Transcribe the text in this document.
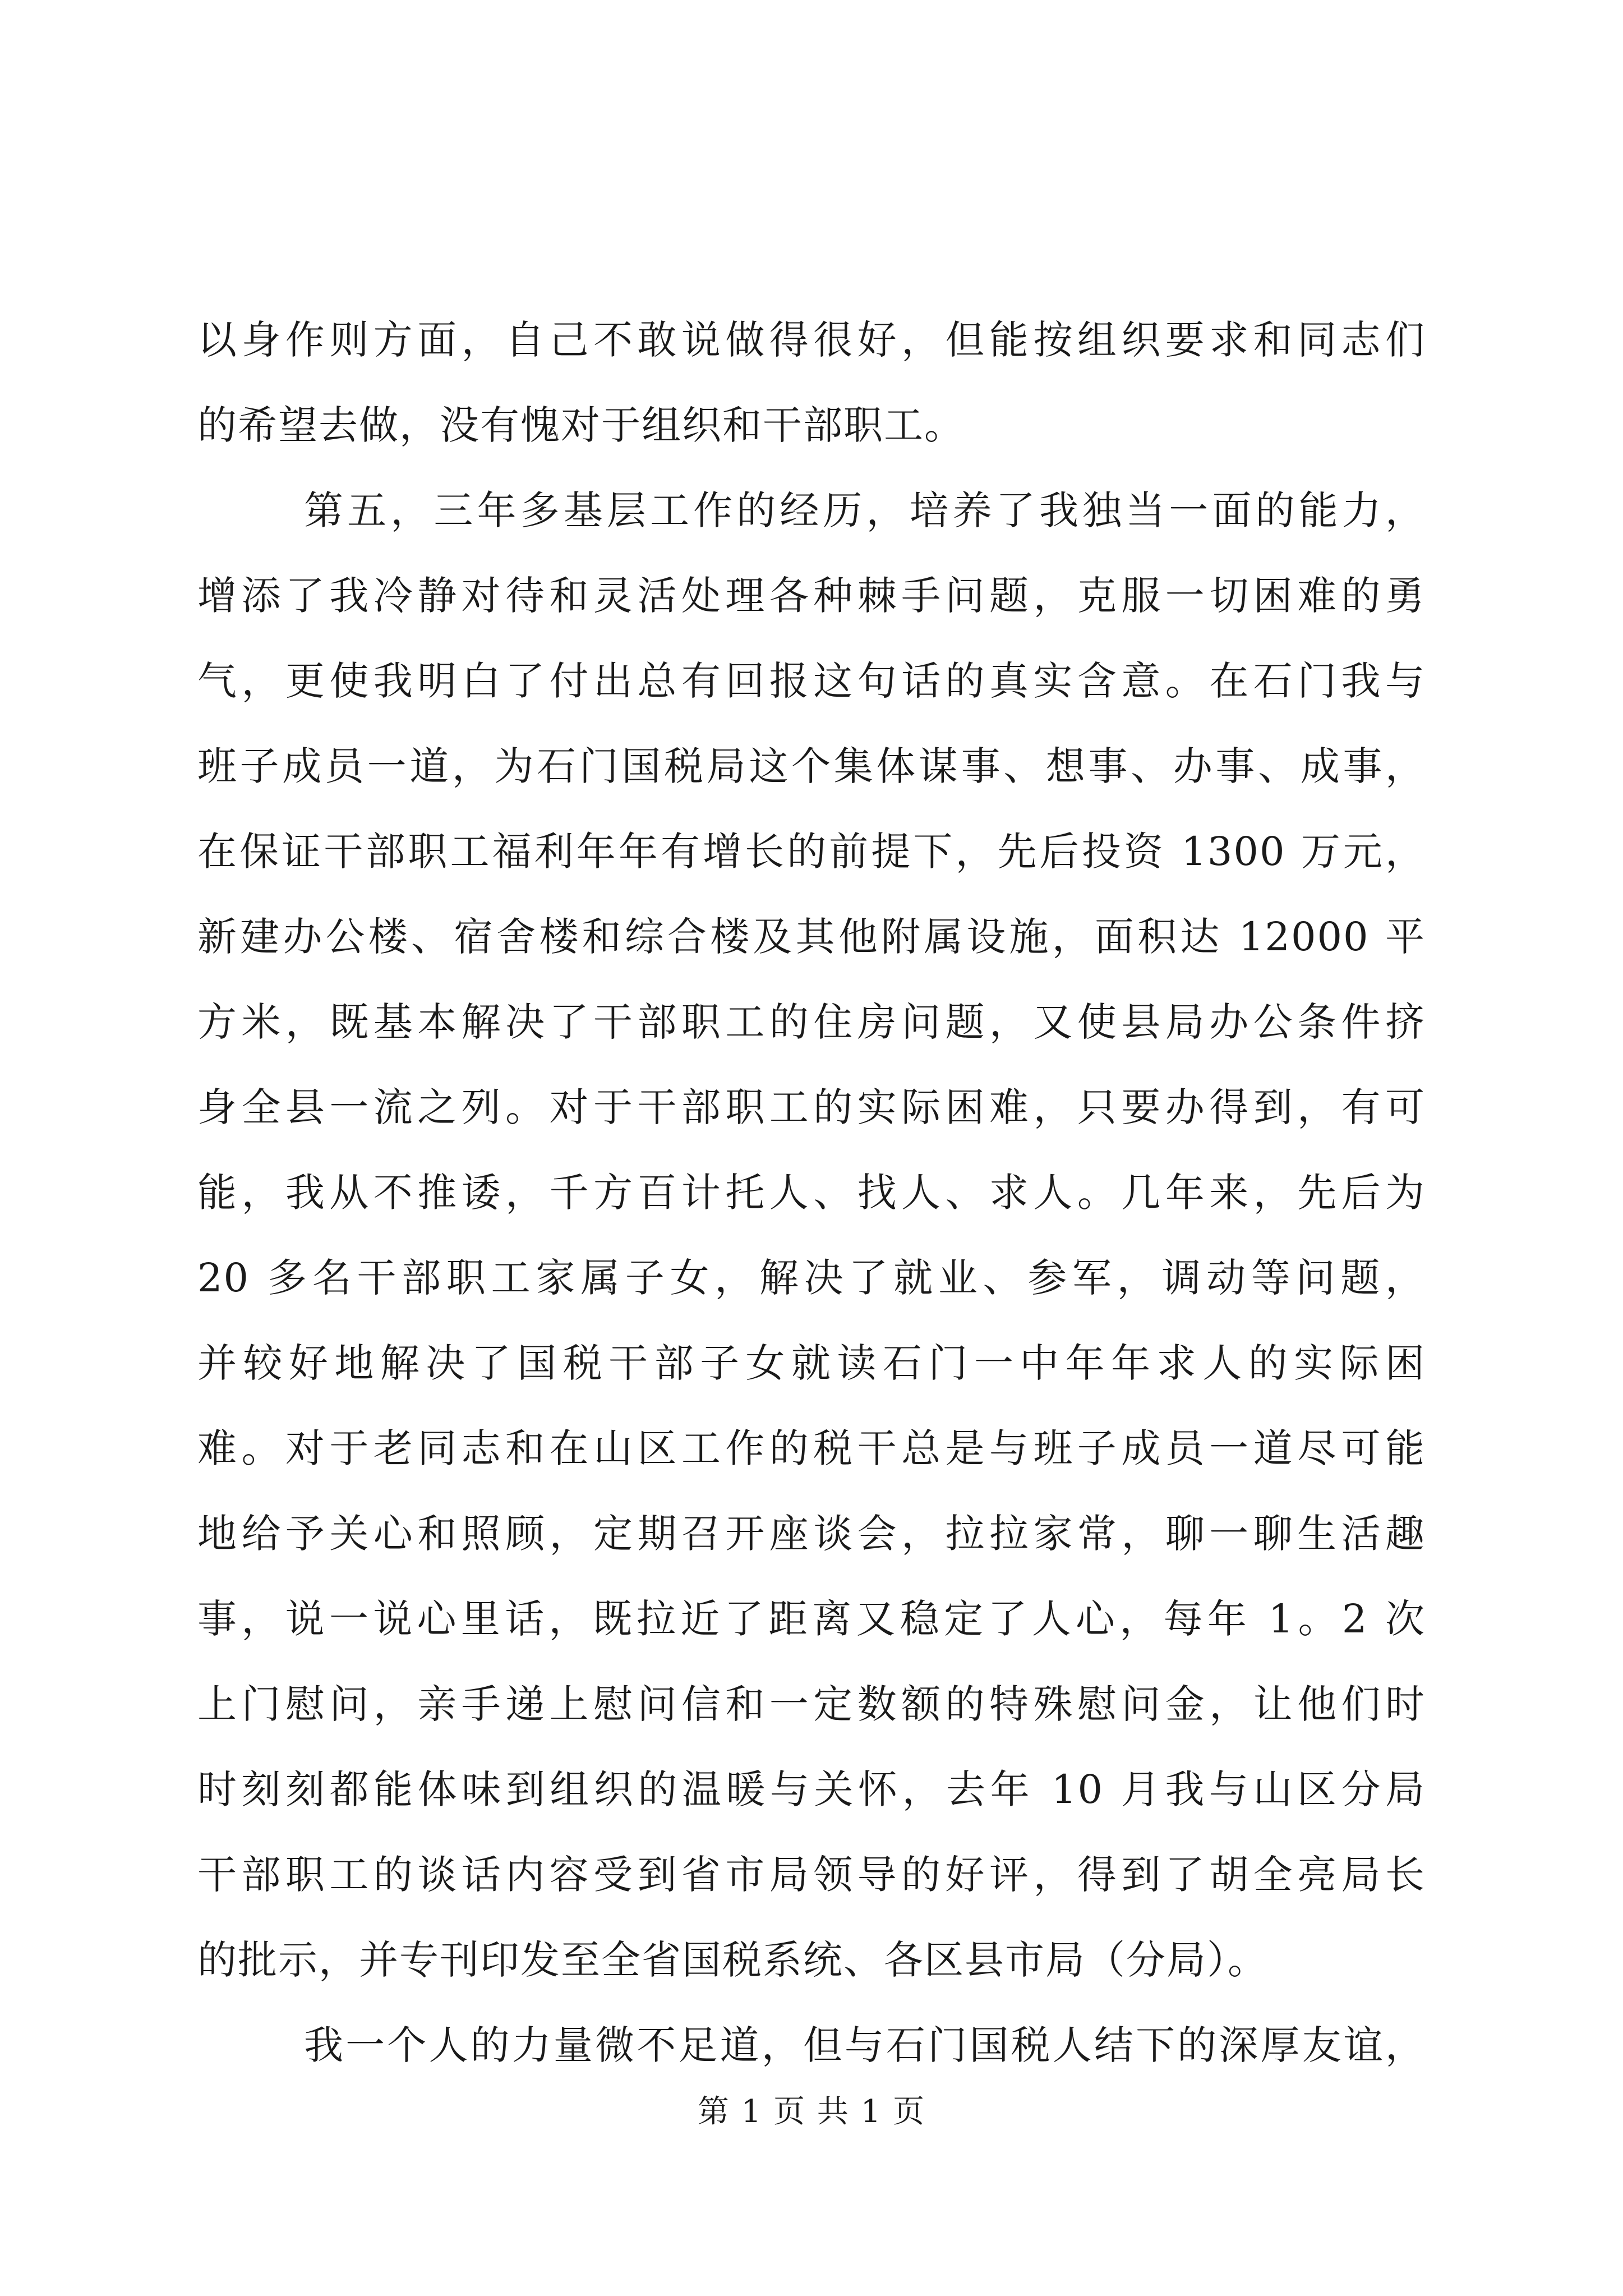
以身作则方面，自己不敢说做得很好，但能按组织要求和同志们
的希望去做，没有愧对于组织和干部职工。
第五，三年多基层工作的经历，培养了我独当一面的能力，
增添了我冷静对待和灵活处理各种棘手问题，克服一切困难的勇
气，更使我明白了付出总有回报这句话的真实含意。在石门我与
班子成员一道，为石门国税局这个集体谋事、想事、办事、成事，
在保证干部职工福利年年有增长的前提下，先后投资 1300 万元，
新建办公楼、宿舍楼和综合楼及其他附属设施，面积达 12000 平
方米，既基本解决了干部职工的住房问题，又使县局办公条件挤
身全县一流之列。对于干部职工的实际困难，只要办得到，有可
能，我从不推诿，千方百计托人、找人、求人。几年来，先后为
20 多名干部职工家属子女，解决了就业、参军，调动等问题，
并较好地解决了国税干部子女就读石门一中年年求人的实际困
难。对于老同志和在山区工作的税干总是与班子成员一道尽可能
地给予关心和照顾，定期召开座谈会，拉拉家常，聊一聊生活趣
事，说一说心里话，既拉近了距离又稳定了人心，每年 1。2 次
上门慰问，亲手递上慰问信和一定数额的特殊慰问金，让他们时
时刻刻都能体味到组织的温暖与关怀，去年 10 月我与山区分局
干部职工的谈话内容受到省市局领导的好评，得到了胡全亮局长
的批示，并专刊印发至全省国税系统、各区县市局（分局）。
我一个人的力量微不足道，但与石门国税人结下的深厚友谊，
第 1 页 共 1 页
